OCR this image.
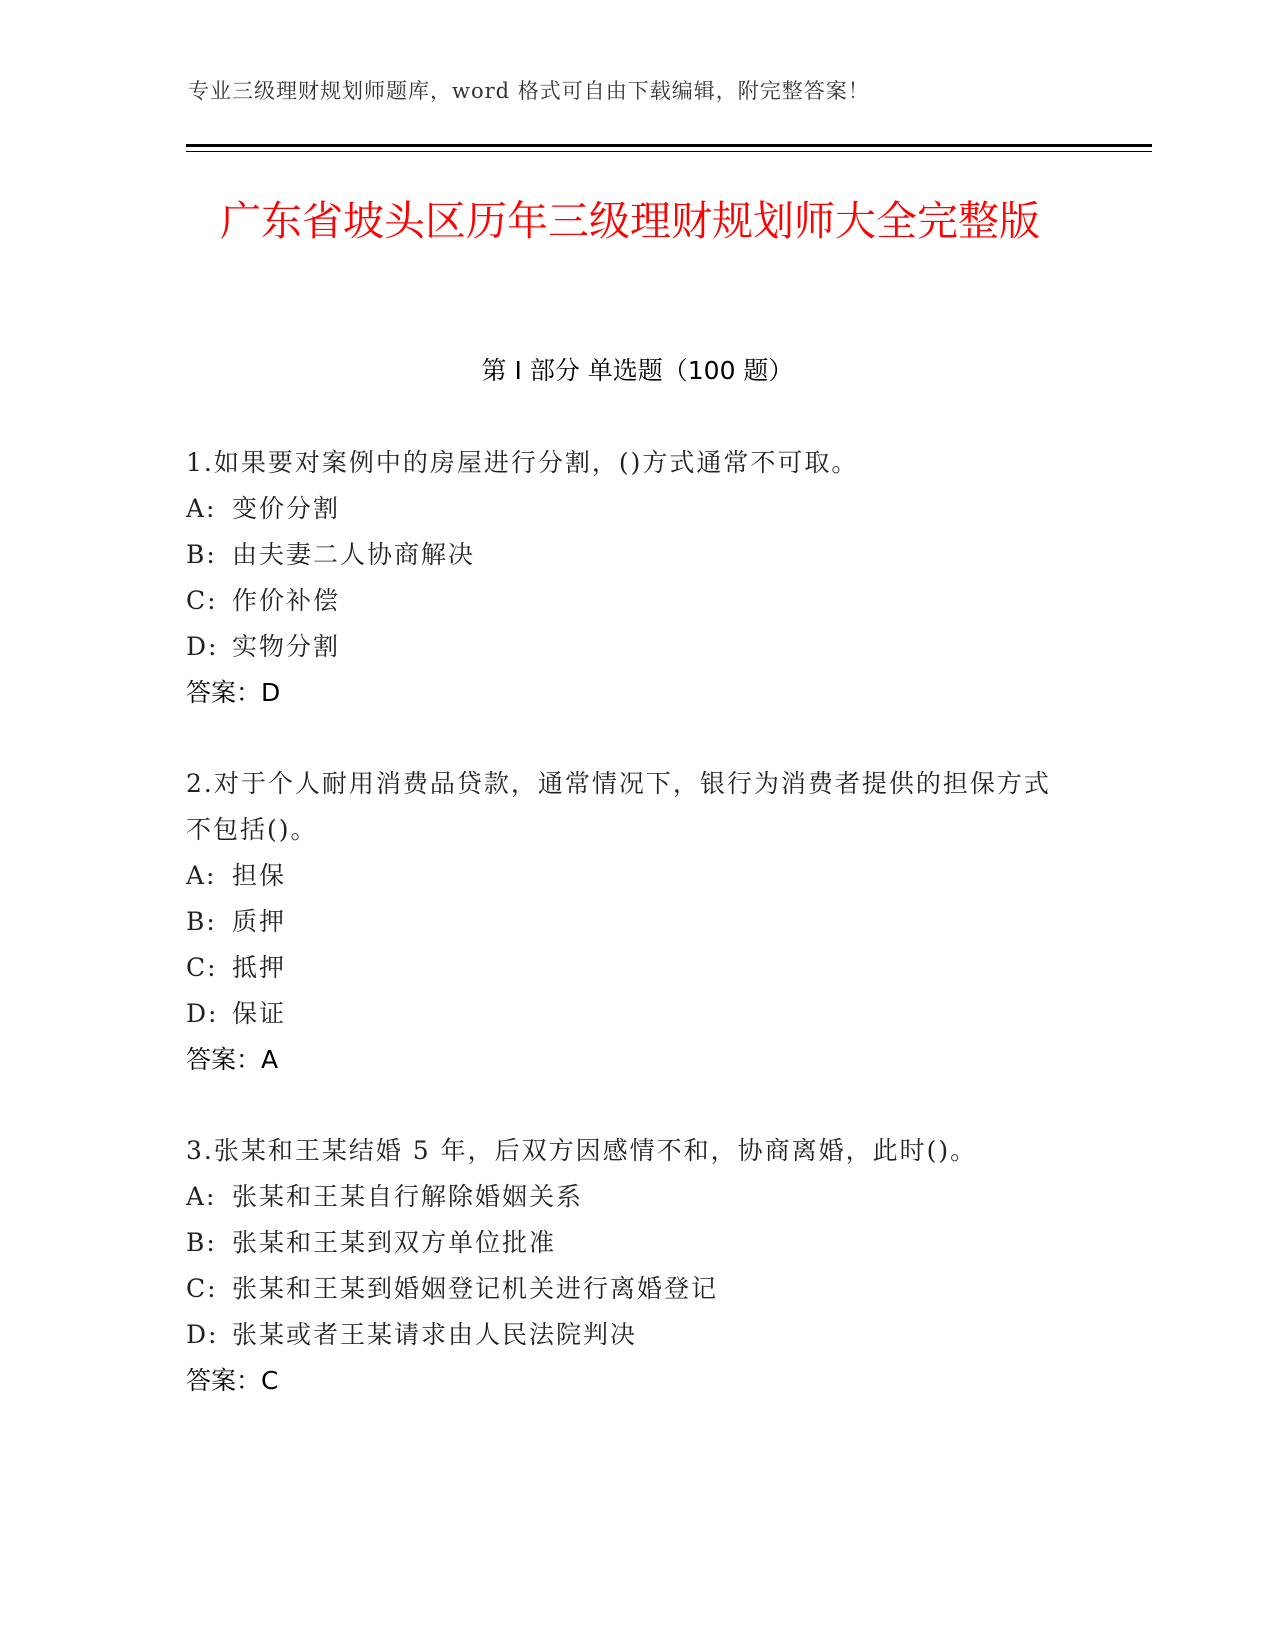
专业三级理财规划师题库，word 格式可自由下载编辑，附完整答案！
广东省坡头区历年三级理财规划师大全完整版
第 I 部分 单选题（100 题）

1.如果要对案例中的房屋进行分割，()方式通常不可取。

A: 变价分割

B: 由夫妻二人协商解决

C: 作价补偿

D: 实物分割

答案：D

2.对于个人耐用消费品贷款，通常情况下，银行为消费者提供的担保方式不包括()。

A: 担保

B: 质押

C: 抵押

D: 保证

答案：A

3.张某和王某结婚 5 年，后双方因感情不和，协商离婚，此时()。

A: 张某和王某自行解除婚姻关系

B: 张某和王某到双方单位批准

C: 张某和王某到婚姻登记机关进行离婚登记

D: 张某或者王某请求由人民法院判决

答案：C
